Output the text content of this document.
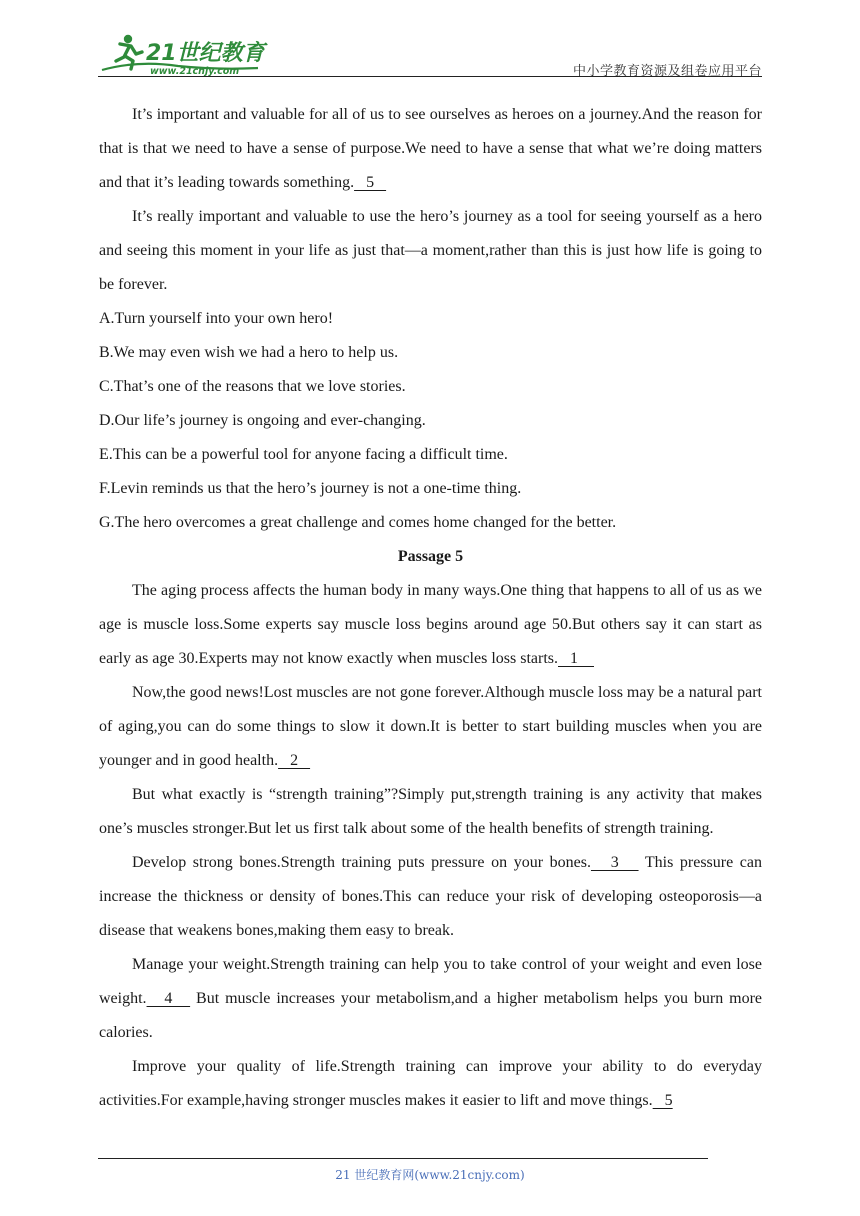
21世纪教育
www.21cnjy.com	中小学教育资源及组卷应用平台

It’s important and valuable for all of us to see ourselves as heroes on a journey.And the reason for that is that we need to have a sense of purpose.We need to have a sense that what we’re doing matters and that it’s leading towards something.   5

It’s really important and valuable to use the hero’s journey as a tool for seeing yourself as a hero and seeing this moment in your life as just that—a moment,rather than this is just how life is going to be forever.

A.Turn yourself into your own hero!

B.We may even wish we had a hero to help us.

C.That’s one of the reasons that we love stories.

D.Our life’s journey is ongoing and ever-changing.

E.This can be a powerful tool for anyone facing a difficult time.

F.Levin reminds us that the hero’s journey is not a one-time thing.

G.The hero overcomes a great challenge and comes home changed for the better.

Passage 5

The aging process affects the human body in many ways.One thing that happens to all of us as we age is muscle loss.Some experts say muscle loss begins around age 50.But others say it can start as early as age 30.Experts may not know exactly when muscles loss starts.   1

Now,the good news!Lost muscles are not gone forever.Although muscle loss may be a natural part of aging,you can do some things to slow it down.It is better to start building muscles when you are younger and in good health.   2

But what exactly is “strength training”?Simply put,strength training is any activity that makes one’s muscles stronger.But let us first talk about some of the health benefits of strength training.

Develop strong bones.Strength training puts pressure on your bones.   3    This pressure can increase the thickness or density of bones.This can reduce your risk of developing osteoporosis—a disease that weakens bones,making them easy to break.

Manage your weight.Strength training can help you to take control of your weight and even lose weight.   4    But muscle increases your metabolism,and a higher metabolism helps you burn more calories.

Improve your quality of life.Strength training can improve your ability to do everyday activities.For example,having stronger muscles makes it easier to lift and move things.   5

21 世纪教育网(www.21cnjy.com)
